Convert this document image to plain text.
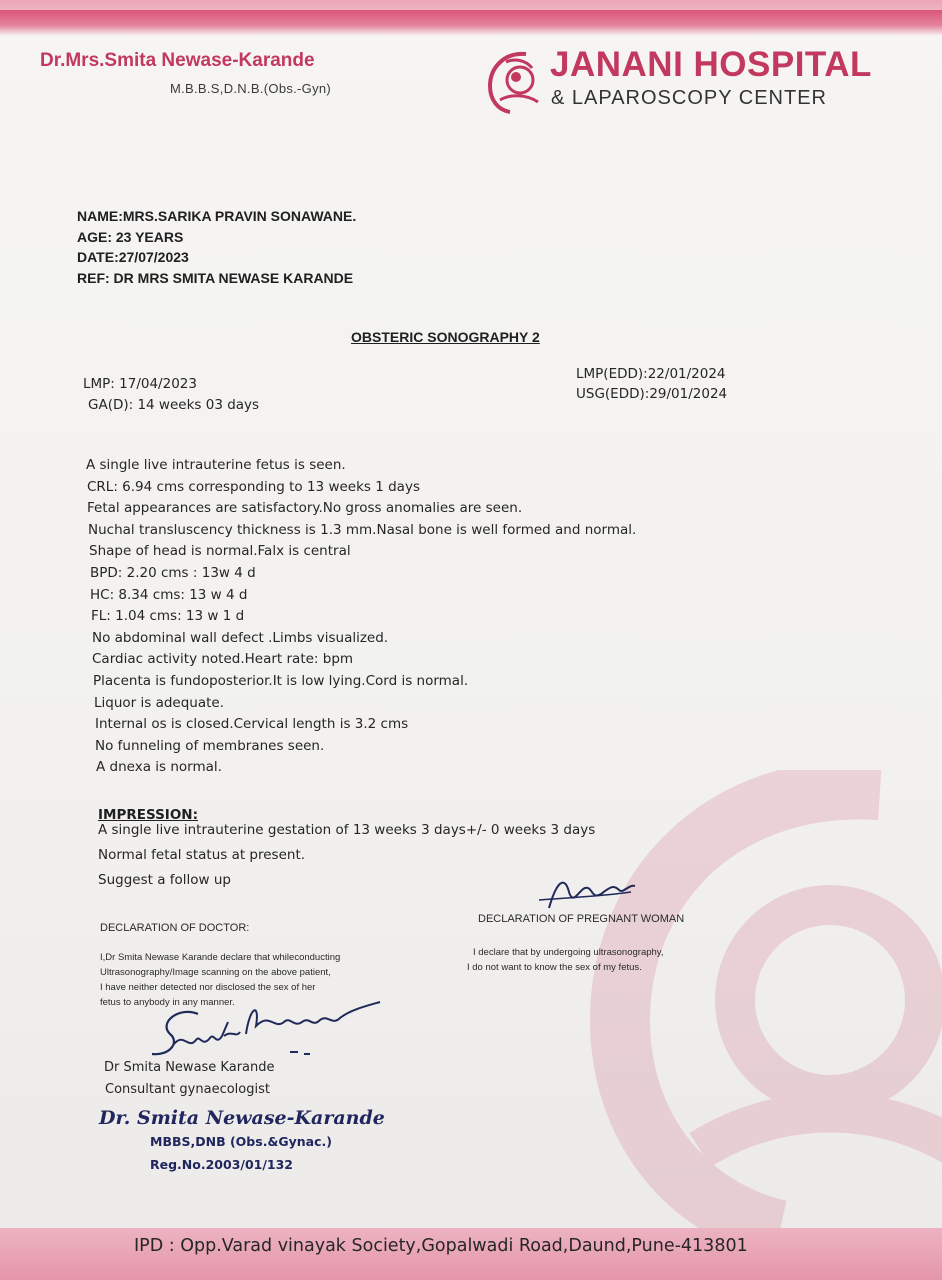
Dr.Mrs.Smita Newase-Karande
M.B.B.S,D.N.B.(Obs.-Gyn)
JANANI HOSPITAL
& LAPAROSCOPY CENTER
NAME:MRS.SARIKA PRAVIN SONAWANE.
AGE: 23 YEARS
DATE:27/07/2023
REF: DR MRS SMITA NEWASE KARANDE
OBSTERIC SONOGRAPHY 2
LMP: 17/04/2023
GA(D): 14 weeks 03 days
LMP(EDD):22/01/2024
USG(EDD):29/01/2024
A single live intrauterine fetus is seen.
CRL: 6.94 cms corresponding to 13 weeks 1 days
Fetal appearances are satisfactory.No gross anomalies are seen.
Nuchal transluscency thickness is 1.3 mm.Nasal bone is well formed and normal.
Shape of head is normal.Falx is central
BPD: 2.20 cms : 13w 4 d
HC: 8.34 cms: 13 w 4 d
FL: 1.04 cms: 13 w 1 d
No abdominal wall defect .Limbs visualized.
Cardiac activity noted.Heart rate: bpm
Placenta is fundoposterior.It is low lying.Cord is normal.
Liquor is adequate.
Internal os is closed.Cervical length is 3.2 cms
No funneling of membranes seen.
A dnexa is normal.
IMPRESSION:
A single live intrauterine gestation of 13 weeks 3 days+/- 0 weeks 3 days
Normal fetal status at present.
Suggest a follow up
DECLARATION OF DOCTOR:
DECLARATION OF PREGNANT WOMAN
I,Dr Smita Newase Karande declare that whileconducting
Ultrasonography/Image scanning on the above patient,
I have neither detected nor disclosed the sex of her
fetus to anybody in any manner.
I declare that by undergoing ultrasonography,
I do not want to know the sex of my fetus.
Dr Smita Newase Karande
Consultant gynaecologist
Dr. Smita Newase-Karande
MBBS,DNB (Obs.&Gynac.)
Reg.No.2003/01/132
IPD : Opp.Varad vinayak Society,Gopalwadi Road,Daund,Pune-413801
